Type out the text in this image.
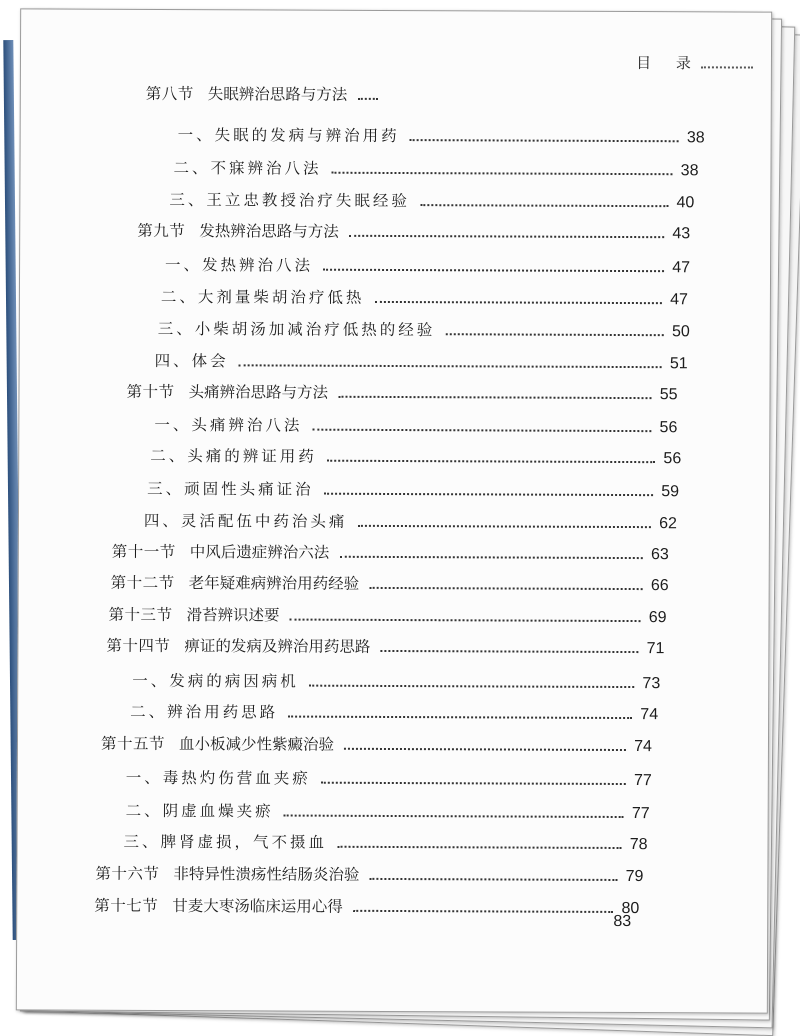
目 录
第八节 失眠辨治思路与方法
一、失眠的发病与辨治用药	38
二、不寐辨治八法	38
三、王立忠教授治疗失眠经验	40
第九节 发热辨治思路与方法	43
一、发热辨治八法	47
二、大剂量柴胡治疗低热	47
三、小柴胡汤加减治疗低热的经验	50
四、体会	51
第十节 头痛辨治思路与方法	55
一、头痛辨治八法	56
二、头痛的辨证用药	56
三、顽固性头痛证治	59
四、灵活配伍中药治头痛	62
第十一节 中风后遗症辨治六法	63
第十二节 老年疑难病辨治用药经验	66
第十三节 滑苔辨识述要	69
第十四节 痹证的发病及辨治用药思路	71
一、发病的病因病机	73
二、辨治用药思路	74
第十五节 血小板减少性紫癜治验	74
一、毒热灼伤营血夹瘀	77
二、阴虚血燥夹瘀	77
三、脾肾虚损，气不摄血	78
第十六节 非特异性溃疡性结肠炎治验	79
第十七节 甘麦大枣汤临床运用心得	80
83
